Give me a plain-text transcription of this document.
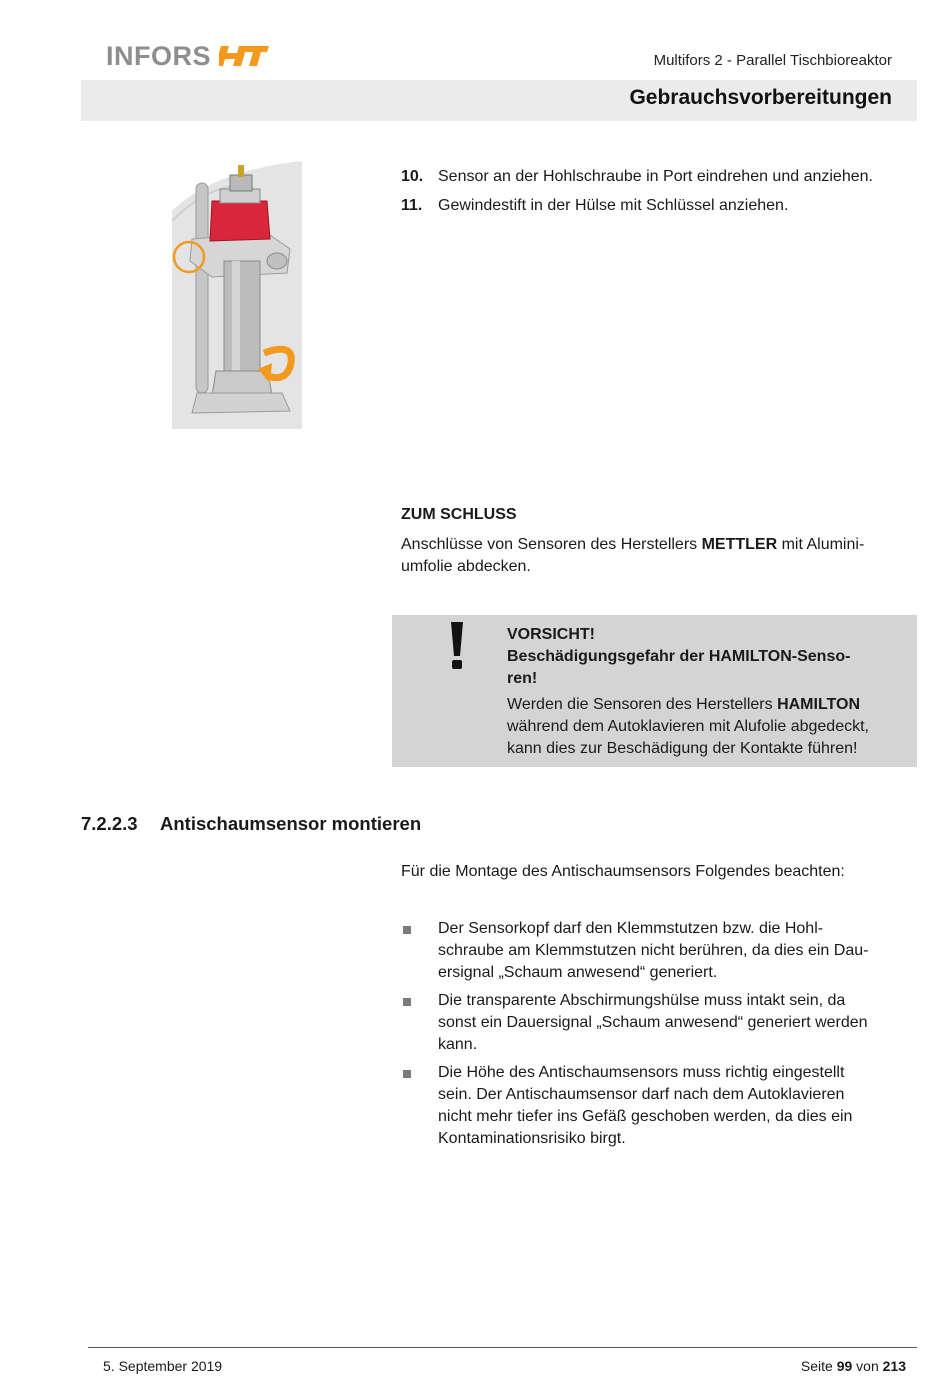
INFORS	Multifors 2 - Parallel Tischbioreaktor
Gebrauchsvorbereitungen
10. Sensor an der Hohlschraube in Port eindrehen und anziehen.
11. Gewindestift in der Hülse mit Schlüssel anziehen.
ZUM SCHLUSS
Anschlüsse von Sensoren des Herstellers METTLER mit Alumini-
umfolie abdecken.
VORSICHT!
Beschädigungsgefahr der HAMILTON-Senso-
ren!
Werden die Sensoren des Herstellers HAMILTON
während dem Autoklavieren mit Alufolie abgedeckt,
kann dies zur Beschädigung der Kontakte führen!
7.2.2.3 Antischaumsensor montieren
Für die Montage des Antischaumsensors Folgendes beachten:
Der Sensorkopf darf den Klemmstutzen bzw. die Hohl-
schraube am Klemmstutzen nicht berühren, da dies ein Dau-
ersignal „Schaum anwesend“ generiert.
Die transparente Abschirmungshülse muss intakt sein, da
sonst ein Dauersignal „Schaum anwesend“ generiert werden
kann.
Die Höhe des Antischaumsensors muss richtig eingestellt
sein. Der Antischaumsensor darf nach dem Autoklavieren
nicht mehr tiefer ins Gefäß geschoben werden, da dies ein
Kontaminationsrisiko birgt.
5. September 2019	Seite 99 von 213
